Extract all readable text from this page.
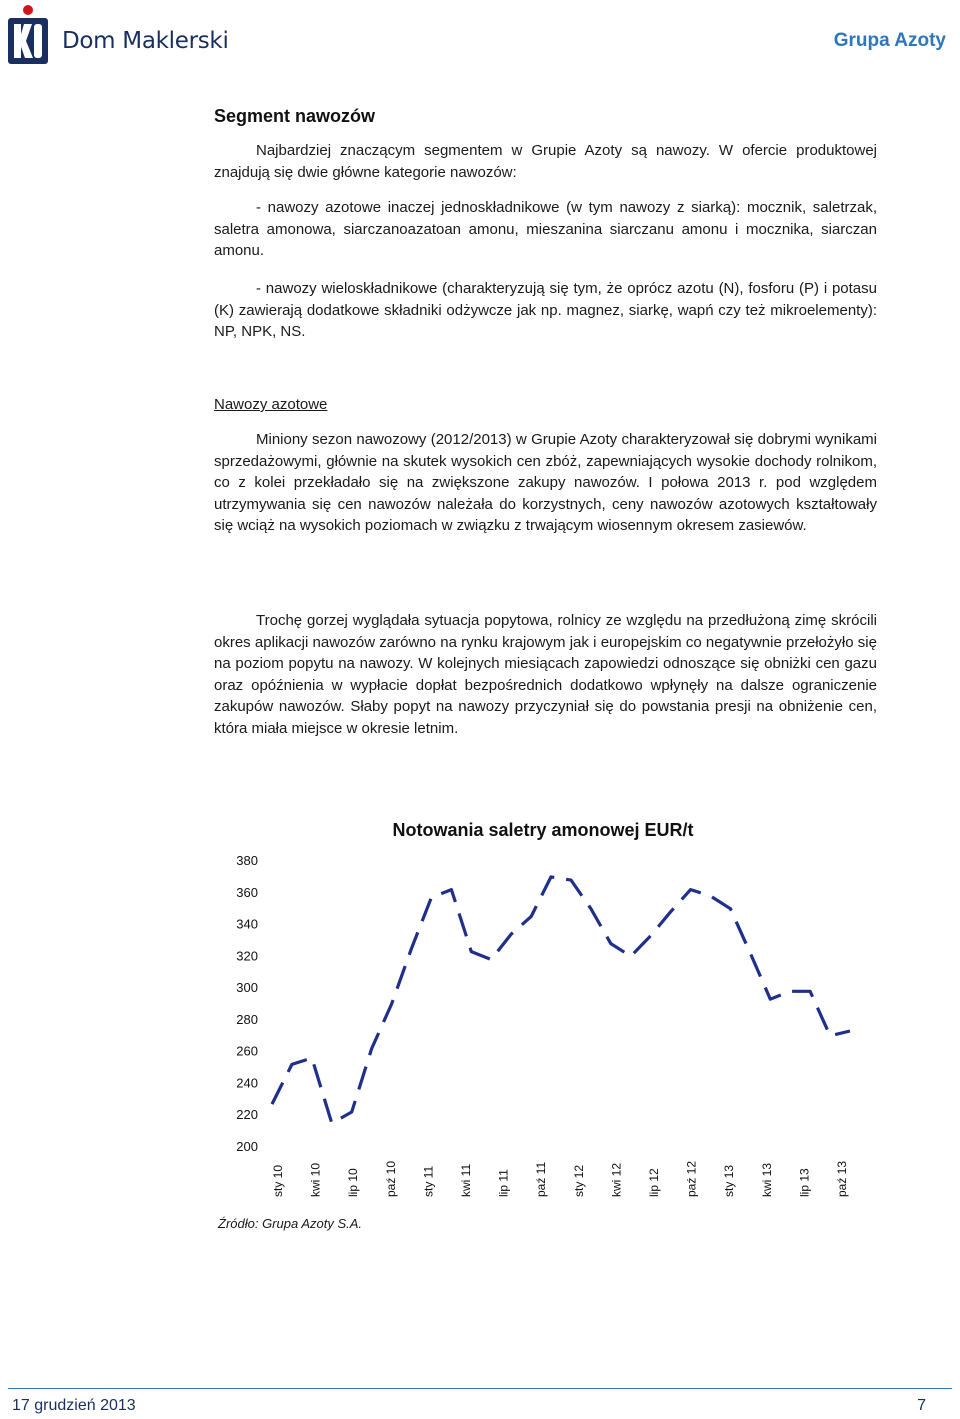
Dom Maklerski	Grupa Azoty
Segment nawozów
Najbardziej znaczącym segmentem w Grupie Azoty są nawozy. W ofercie produktowej znajdują się dwie główne kategorie nawozów:
- nawozy azotowe inaczej jednoskładnikowe (w tym nawozy z siarką): mocznik, saletrzak, saletra amonowa, siarczanoazatoan amonu, mieszanina siarczanu amonu i mocznika, siarczan amonu.
- nawozy wieloskładnikowe (charakteryzują się tym, że oprócz azotu (N), fosforu (P) i potasu (K) zawierają dodatkowe składniki odżywcze jak np. magnez, siarkę, wapń czy też mikroelementy): NP, NPK, NS.
Nawozy azotowe
Miniony sezon nawozowy (2012/2013) w Grupie Azoty charakteryzował się dobrymi wynikami sprzedażowymi, głównie na skutek wysokich cen zbóż, zapewniających wysokie dochody rolnikom, co z kolei przekładało się na zwiększone zakupy nawozów. I połowa 2013 r. pod względem utrzymywania się cen nawozów należała do korzystnych, ceny nawozów azotowych kształtowały się wciąż na wysokich poziomach w związku z trwającym wiosennym okresem zasiewów.
Trochę gorzej wyglądała sytuacja popytowa, rolnicy ze względu na przedłużoną zimę skrócili okres aplikacji nawozów zarówno na rynku krajowym jak i europejskim co negatywnie przełożyło się na poziom popytu na nawozy. W kolejnych miesiącach zapowiedzi odnoszące się obniżki cen gazu oraz opóźnienia w wypłacie dopłat bezpośrednich dodatkowo wpłynęły na dalsze ograniczenie zakupów nawozów. Słaby popyt na nawozy przyczyniał się do powstania presji na obniżenie cen, która miała miejsce w okresie letnim.
Notowania saletry amonowej EUR/t
200
220
240
260
280
300
320
340
360
380
sty 10 kwi 10 lip 10 paź 10 sty 11 kwi 11 lip 11 paź 11 sty 12 kwi 12 lip 12 paź 12 sty 13 kwi 13 lip 13 paź 13
Źródło: Grupa Azoty S.A.
17 grudzień 2013	7
